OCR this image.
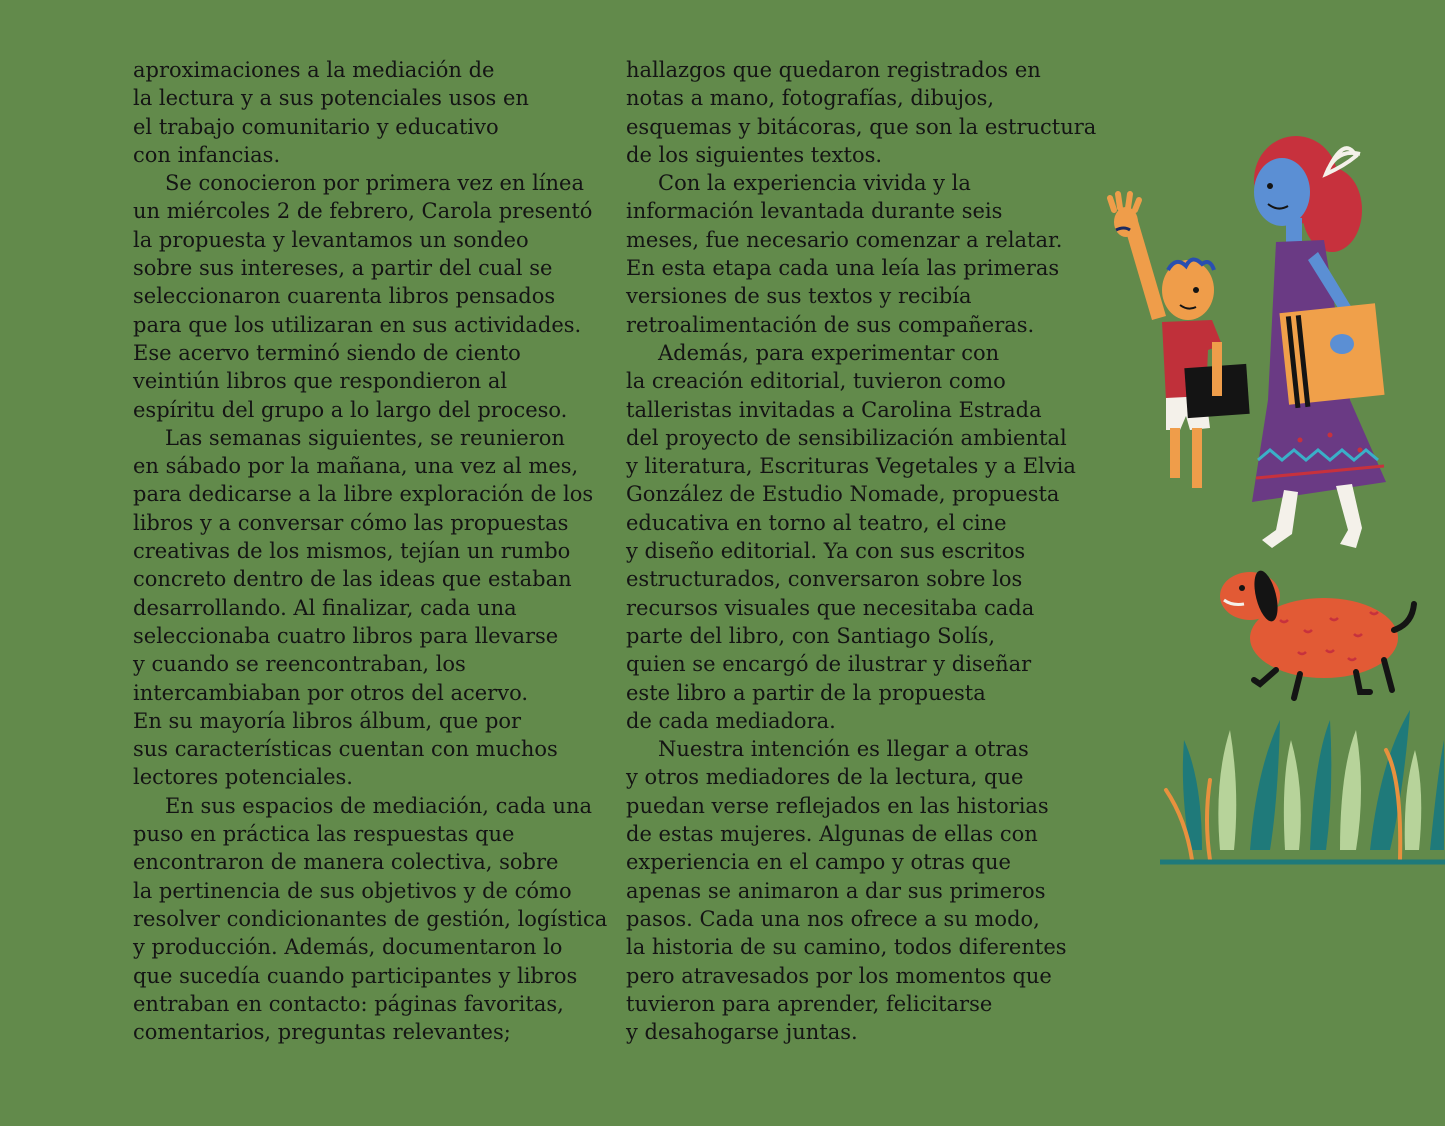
aproximaciones a la mediación de
la lectura y a sus potenciales usos en
el trabajo comunitario y educativo
con infancias.
Se conocieron por primera vez en línea
un miércoles 2 de febrero, Carola presentó
la propuesta y levantamos un sondeo
sobre sus intereses, a partir del cual se
seleccionaron cuarenta libros pensados
para que los utilizaran en sus actividades.
Ese acervo terminó siendo de ciento
veintiún libros que respondieron al
espíritu del grupo a lo largo del proceso.
Las semanas siguientes, se reunieron
en sábado por la mañana, una vez al mes,
para dedicarse a la libre exploración de los
libros y a conversar cómo las propuestas
creativas de los mismos, tejían un rumbo
concreto dentro de las ideas que estaban
desarrollando. Al finalizar, cada una
seleccionaba cuatro libros para llevarse
y cuando se reencontraban, los
intercambiaban por otros del acervo.
En su mayoría libros álbum, que por
sus características cuentan con muchos
lectores potenciales.
En sus espacios de mediación, cada una
puso en práctica las respuestas que
encontraron de manera colectiva, sobre
la pertinencia de sus objetivos y de cómo
resolver condicionantes de gestión, logística
y producción. Además, documentaron lo
que sucedía cuando participantes y libros
entraban en contacto: páginas favoritas,
comentarios, preguntas relevantes;
hallazgos que quedaron registrados en
notas a mano, fotografías, dibujos,
esquemas y bitácoras, que son la estructura
de los siguientes textos.
Con la experiencia vivida y la
información levantada durante seis
meses, fue necesario comenzar a relatar.
En esta etapa cada una leía las primeras
versiones de sus textos y recibía
retroalimentación de sus compañeras.
Además, para experimentar con
la creación editorial, tuvieron como
talleristas invitadas a Carolina Estrada
del proyecto de sensibilización ambiental
y literatura, Escrituras Vegetales y a Elvia
González de Estudio Nomade, propuesta
educativa en torno al teatro, el cine
y diseño editorial. Ya con sus escritos
estructurados, conversaron sobre los
recursos visuales que necesitaba cada
parte del libro, con Santiago Solís,
quien se encargó de ilustrar y diseñar
este libro a partir de la propuesta
de cada mediadora.
Nuestra intención es llegar a otras
y otros mediadores de la lectura, que
puedan verse reflejados en las historias
de estas mujeres. Algunas de ellas con
experiencia en el campo y otras que
apenas se animaron a dar sus primeros
pasos. Cada una nos ofrece a su modo,
la historia de su camino, todos diferentes
pero atravesados por los momentos que
tuvieron para aprender, felicitarse
y desahogarse juntas.
